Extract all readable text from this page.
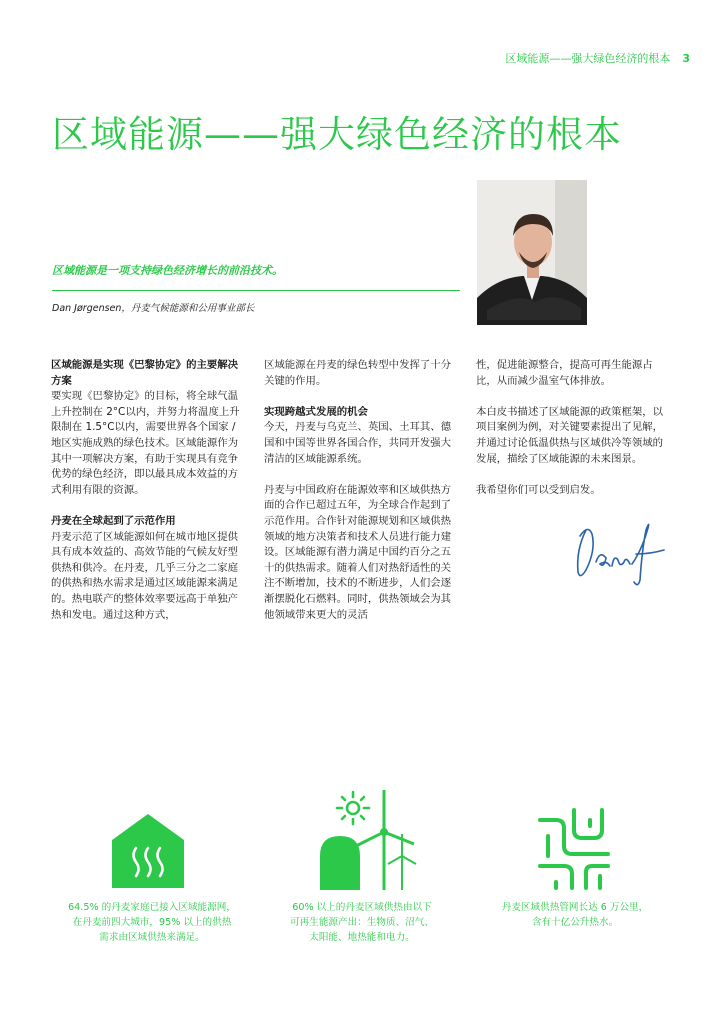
区域能源——强大绿色经济的根本 3
区域能源——强大绿色经济的根本
区域能源是一项支持绿色经济增长的前沿技术。
Dan Jørgensen，丹麦气候能源和公用事业部长
区域能源是实现《巴黎协定》的主要解决方案

要实现《巴黎协定》的目标，将全球气温上升控制在 2°C以内，并努力将温度上升限制在 1.5°C以内，需要世界各个国家 / 地区实施成熟的绿色技术。区域能源作为其中一项解决方案，有助于实现具有竞争优势的绿色经济，即以最具成本效益的方式利用有限的资源。

丹麦在全球起到了示范作用

丹麦示范了区域能源如何在城市地区提供具有成本效益的、高效节能的气候友好型供热和供冷。在丹麦，几乎三分之二家庭的供热和热水需求是通过区域能源来满足的。热电联产的整体效率要远高于单独产热和发电。通过这种方式，

区域能源在丹麦的绿色转型中发挥了十分关键的作用。

实现跨越式发展的机会

今天，丹麦与乌克兰、英国、土耳其、德国和中国等世界各国合作，共同开发强大清洁的区域能源系统。

丹麦与中国政府在能源效率和区域供热方面的合作已超过五年，为全球合作起到了示范作用。合作针对能源规划和区域供热领域的地方决策者和技术人员进行能力建设。区域能源有潜力满足中国约百分之五十的供热需求。随着人们对热舒适性的关注不断增加，技术的不断进步，人们会逐渐摆脱化石燃料。同时，供热领域会为其他领域带来更大的灵活

性，促进能源整合，提高可再生能源占比，从而减少温室气体排放。

本白皮书描述了区域能源的政策框架，以项目案例为例，对关键要素提出了见解，并通过讨论低温供热与区域供冷等领域的发展，描绘了区域能源的未来图景。

我希望你们可以受到启发。

64.5% 的丹麦家庭已接入区域能源网，
在丹麦前四大城市，95% 以上的供热
需求由区域供热来满足。
60% 以上的丹麦区域供热由以下
可再生能源产出：生物质、沼气、
太阳能、地热能和电力。
丹麦区域供热管网长达 6 万公里，
含有十亿公升热水。
